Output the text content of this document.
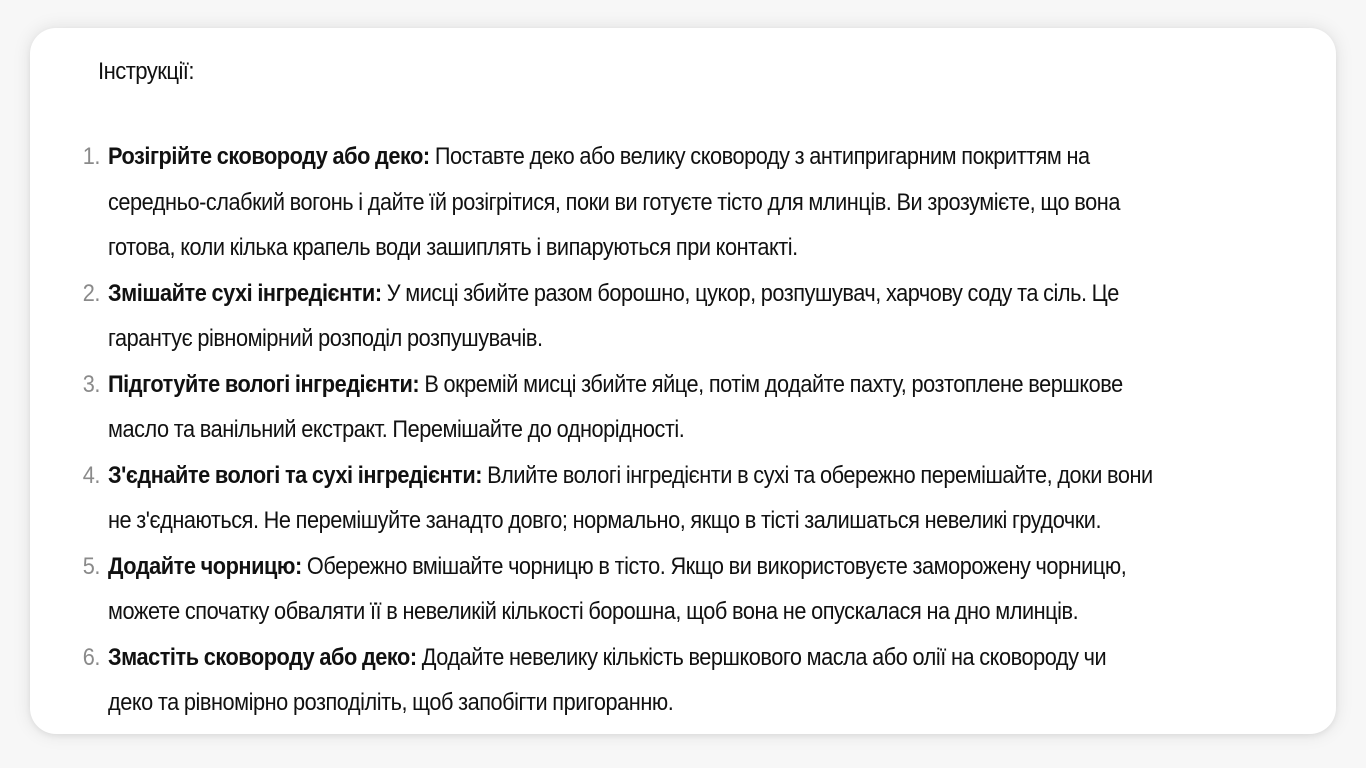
Інструкції:
1. Розігрійте сковороду або деко: Поставте деко або велику сковороду з антипригарним покриттям на
середньо-слабкий вогонь і дайте їй розігрітися, поки ви готуєте тісто для млинців. Ви зрозумієте, що вона
готова, коли кілька крапель води зашиплять і випаруються при контакті.
2. Змішайте сухі інгредієнти: У мисці збийте разом борошно, цукор, розпушувач, харчову соду та сіль. Це
гарантує рівномірний розподіл розпушувачів.
3. Підготуйте вологі інгредієнти: В окремій мисці збийте яйце, потім додайте пахту, розтоплене вершкове
масло та ванільний екстракт. Перемішайте до однорідності.
4. З'єднайте вологі та сухі інгредієнти: Влийте вологі інгредієнти в сухі та обережно перемішайте, доки вони
не з'єднаються. Не перемішуйте занадто довго; нормально, якщо в тісті залишаться невеликі грудочки.
5. Додайте чорницю: Обережно вмішайте чорницю в тісто. Якщо ви використовуєте заморожену чорницю,
можете спочатку обваляти її в невеликій кількості борошна, щоб вона не опускалася на дно млинців.
6. Змастіть сковороду або деко: Додайте невелику кількість вершкового масла або олії на сковороду чи
деко та рівномірно розподіліть, щоб запобігти пригоранню.
